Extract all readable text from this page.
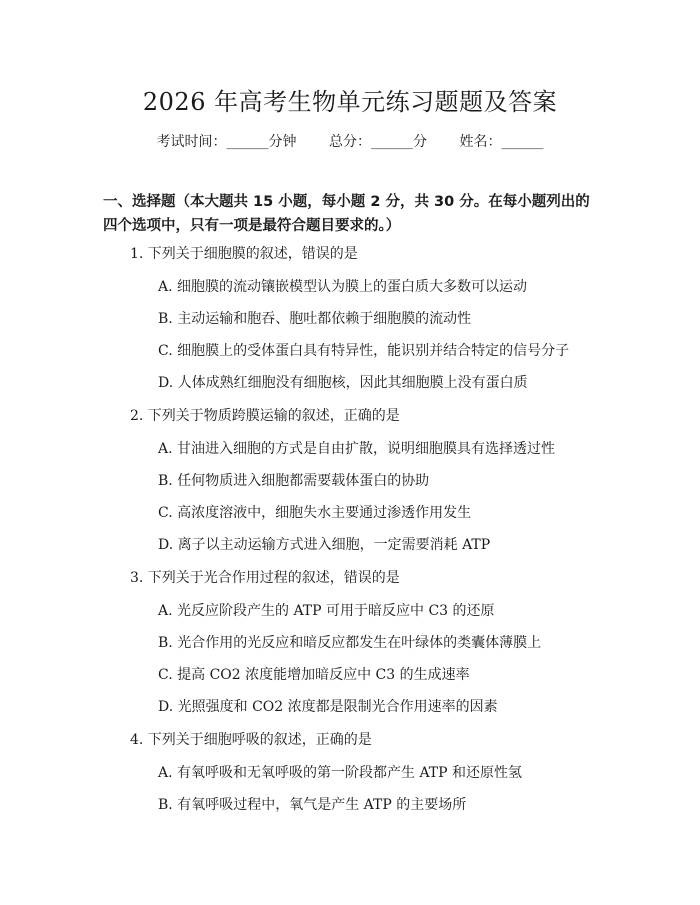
2026 年高考生物单元练习题题及答案
考试时间：______分钟 总分：______分 姓名：______
一、选择题（本大题共 15 小题，每小题 2 分，共 30 分。在每小题列出的四个选项中，只有一项是最符合题目要求的。）
1. 下列关于细胞膜的叙述，错误的是
A. 细胞膜的流动镶嵌模型认为膜上的蛋白质大多数可以运动
B. 主动运输和胞吞、胞吐都依赖于细胞膜的流动性
C. 细胞膜上的受体蛋白具有特异性，能识别并结合特定的信号分子
D. 人体成熟红细胞没有细胞核，因此其细胞膜上没有蛋白质
2. 下列关于物质跨膜运输的叙述，正确的是
A. 甘油进入细胞的方式是自由扩散，说明细胞膜具有选择透过性
B. 任何物质进入细胞都需要载体蛋白的协助
C. 高浓度溶液中，细胞失水主要通过渗透作用发生
D. 离子以主动运输方式进入细胞，一定需要消耗 ATP
3. 下列关于光合作用过程的叙述，错误的是
A. 光反应阶段产生的 ATP 可用于暗反应中 C3 的还原
B. 光合作用的光反应和暗反应都发生在叶绿体的类囊体薄膜上
C. 提高 CO2 浓度能增加暗反应中 C3 的生成速率
D. 光照强度和 CO2 浓度都是限制光合作用速率的因素
4. 下列关于细胞呼吸的叙述，正确的是
A. 有氧呼吸和无氧呼吸的第一阶段都产生 ATP 和还原性氢
B. 有氧呼吸过程中，氧气是产生 ATP 的主要场所
